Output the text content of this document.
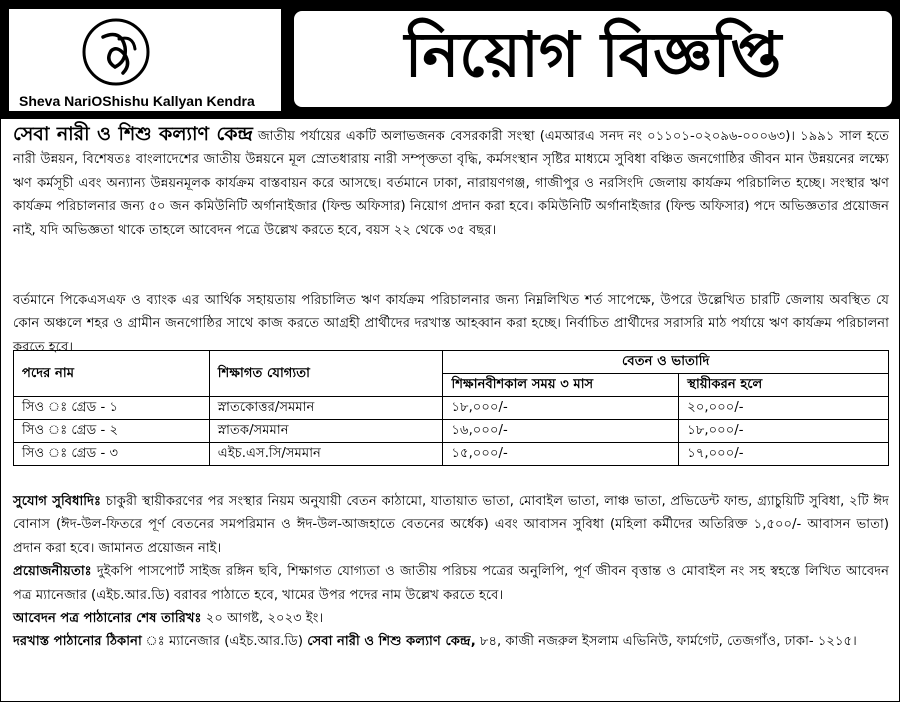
Sheva NariOShishu Kallyan Kendra
নিয়োগ বিজ্ঞপ্তি
সেবা নারী ও শিশু কল্যাণ কেন্দ্র জাতীয় পর্যায়ের একটি অলাভজনক বেসরকারী সংস্থা (এমআরএ সনদ নং ০১১০১-০২০৯৬-০০০৬৩)। ১৯৯১ সাল হতে নারী উন্নয়ন, বিশেষতঃ বাংলাদেশের জাতীয় উন্নয়নে মূল স্রোতধারায় নারী সম্পৃক্ততা বৃদ্ধি, কর্মসংস্থান সৃষ্টির মাধ্যমে সুবিধা বঞ্চিত জনগোষ্ঠির জীবন মান উন্নয়নের লক্ষ্যে ঋণ কর্মসূচী এবং অন্যান্য উন্নয়নমূলক কার্যক্রম বাস্তবায়ন করে আসছে। বর্তমানে ঢাকা, নারায়ণগঞ্জ, গাজীপুর ও নরসিংদি জেলায় কার্যক্রম পরিচালিত হচ্ছে। সংস্থার ঋণ কার্যক্রম পরিচালনার জন্য ৫০ জন কমিউনিটি অর্গানাইজার (ফিল্ড অফিসার) নিয়োগ প্রদান করা হবে। কমিউনিটি অর্গানাইজার (ফিল্ড অফিসার) পদে অভিজ্ঞতার প্রয়োজন নাই, যদি অভিজ্ঞতা থাকে তাহলে আবেদন পত্রে উল্লেখ করতে হবে, বয়স ২২ থেকে ৩৫ বছর।
বর্তমানে পিকেএসএফ ও ব্যাংক এর আর্থিক সহায়তায় পরিচালিত ঋণ কার্যক্রম পরিচালনার জন্য নিম্নলিখিত শর্ত সাপেক্ষে, উপরে উল্লেখিত চারটি জেলায় অবস্থিত যে কোন অঞ্চলে শহর ও গ্রামীন জনগোষ্ঠির সাথে কাজ করতে আগ্রহী প্রার্থীদের দরখাস্ত আহব্বান করা হচ্ছে। নির্বাচিত প্রার্থীদের সরাসরি মাঠ পর্যায়ে ঋণ কার্যক্রম পরিচালনা করতে হবে।
পদের নাম	শিক্ষাগত যোগ্যতা	বেতন ও ভাতাদি	
		শিক্ষানবীশকাল সময় ৩ মাস	স্থায়ীকরন হলে
সিও ঃ গ্রেড - ১	স্নাতকোত্তর/সমমান	১৮,০০০/-	২০,০০০/-
সিও ঃ গ্রেড - ২	স্নাতক/সমমান	১৬,০০০/-	১৮,০০০/-
সিও ঃ গ্রেড - ৩	এইচ.এস.সি/সমমান	১৫,০০০/-	১৭,০০০/-
সুযোগ সুবিধাদিঃ চাকুরী স্থায়ীকরণের পর সংস্থার নিয়ম অনুযায়ী বেতন কাঠামো, যাতায়াত ভাতা, মোবাইল ভাতা, লাঞ্চ ভাতা, প্রভিডেন্ট ফান্ড, গ্র্যাচুয়িটি সুবিধা, ২টি ঈদ বোনাস (ঈদ-উল-ফিতরে পূর্ণ বেতনের সমপরিমান ও ঈদ-উল-আজহাতে বেতনের অর্ধেক) এবং আবাসন সুবিধা (মহিলা কর্মীদের অতিরিক্ত ১,৫০০/- আবাসন ভাতা) প্রদান করা হবে। জামানত প্রয়োজন নাই।
প্রয়োজনীয়তাঃ দুইকপি পাসপোর্ট সাইজ রঙ্গিন ছবি, শিক্ষাগত যোগ্যতা ও জাতীয় পরিচয় পত্রের অনুলিপি, পূর্ণ জীবন বৃত্তান্ত ও মোবাইল নং সহ স্বহস্তে লিখিত আবেদন পত্র ম্যানেজার (এইচ.আর.ডি) বরাবর পাঠাতে হবে, খামের উপর পদের নাম উল্লেখ করতে হবে।
আবেদন পত্র পাঠানোর শেষ তারিখঃ ২০ আগষ্ট, ২০২৩ ইং।
দরখাস্ত পাঠানোর ঠিকানা ঃ ম্যানেজার (এইচ.আর.ডি) সেবা নারী ও শিশু কল্যাণ কেন্দ্র, ৮৪, কাজী নজরুল ইসলাম এভিনিউ, ফার্মগেট, তেজগাঁও, ঢাকা- ১২১৫।
